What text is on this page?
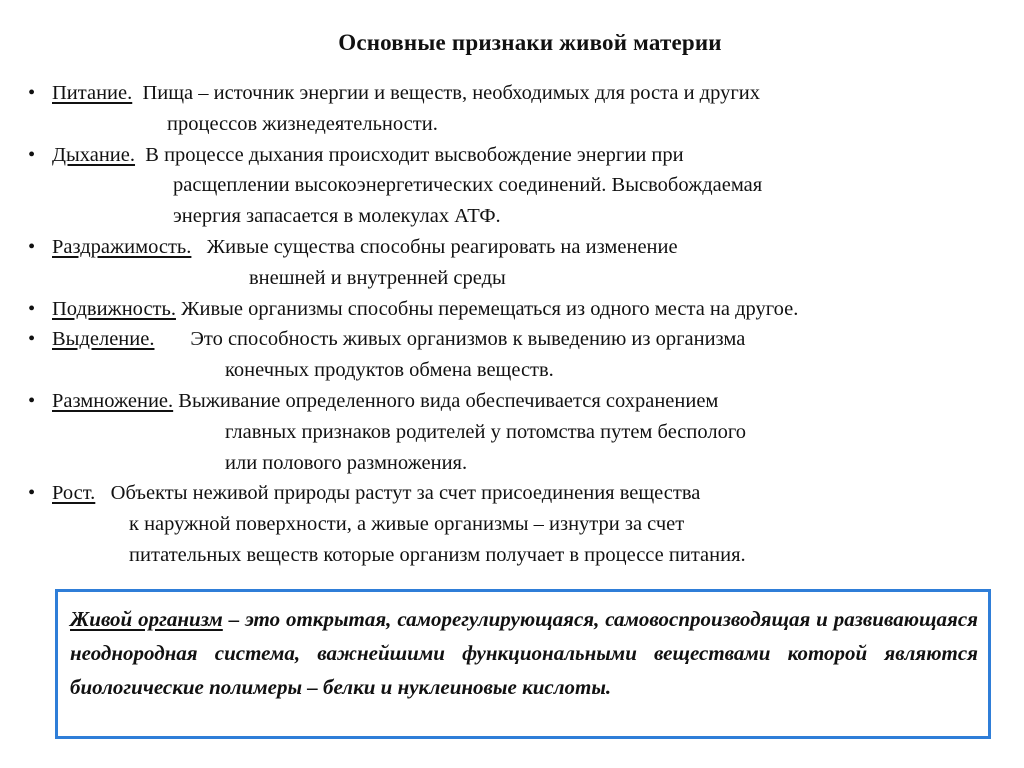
Основные признаки живой материи
• Питание. Пища – источник энергии и веществ, необходимых для роста и других
процессов жизнедеятельности.
• Дыхание. В процессе дыхания происходит высвобождение энергии при
расщеплении высокоэнергетических соединений. Высвобождаемая
энергия запасается в молекулах АТФ.
• Раздражимость. Живые существа способны реагировать на изменение
внешней и внутренней среды
• Подвижность. Живые организмы способны перемещаться из одного места на другое.
• Выделение. Это способность живых организмов к выведению из организма
конечных продуктов обмена веществ.
• Размножение. Выживание определенного вида обеспечивается сохранением
главных признаков родителей у потомства путем бесполого
или полового размножения.
• Рост. Объекты неживой природы растут за счет присоединения вещества
к наружной поверхности, а живые организмы – изнутри за счет
питательных веществ которые организм получает в процессе питания.
Живой организм – это открытая, саморегулирующаяся, самовоспроизводящая и развивающаяся неоднородная система, важнейшими функциональными веществами которой являются биологические полимеры – белки и нуклеиновые кислоты.
